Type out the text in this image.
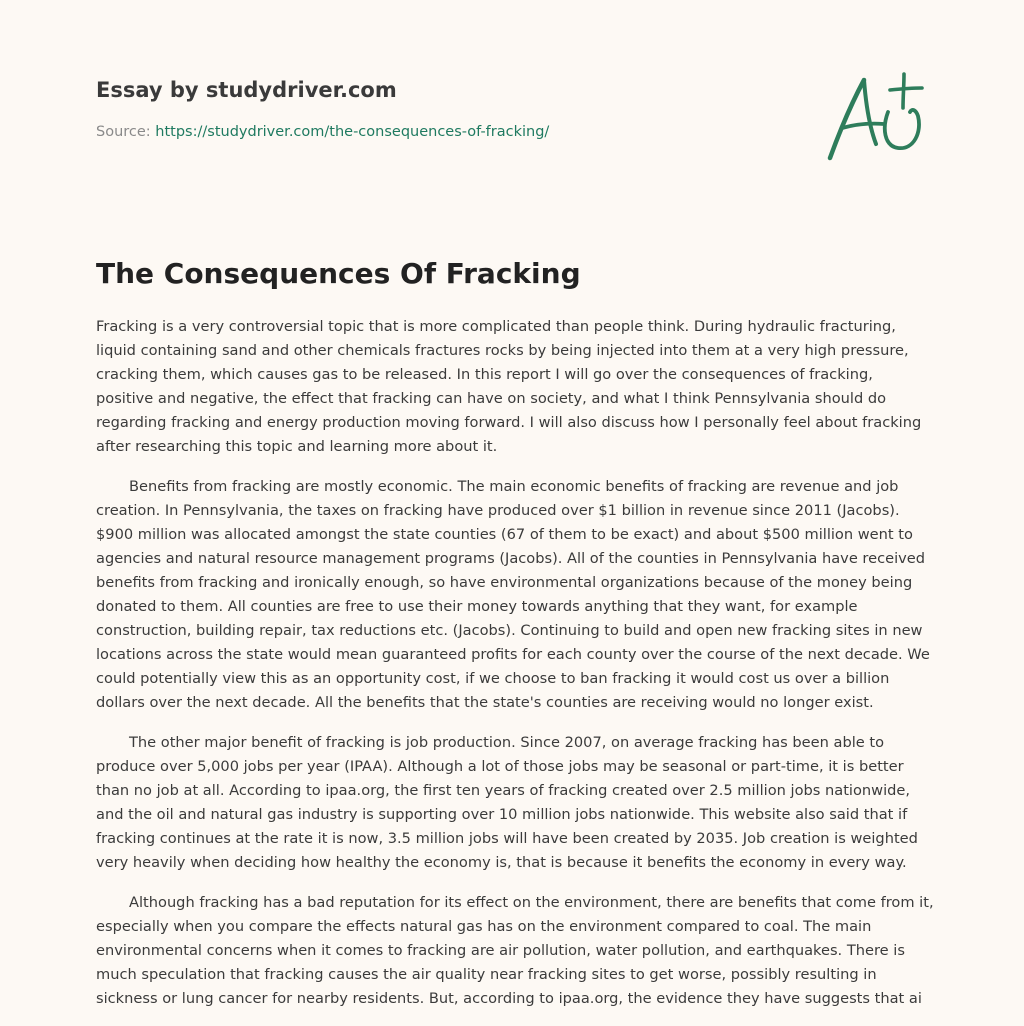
Essay by studydriver.com
Source: https://studydriver.com/the-consequences-of-fracking/
The Consequences Of Fracking

Fracking is a very controversial topic that is more complicated than people think. During hydraulic fracturing, liquid containing sand and other chemicals fractures rocks by being injected into them at a very high pressure, cracking them, which causes gas to be released. In this report I will go over the consequences of fracking, positive and negative, the effect that fracking can have on society, and what I think Pennsylvania should do regarding fracking and energy production moving forward. I will also discuss how I personally feel about fracking after researching this topic and learning more about it.

Benefits from fracking are mostly economic. The main economic benefits of fracking are revenue and job creation. In Pennsylvania, the taxes on fracking have produced over $1 billion in revenue since 2011 (Jacobs). $900 million was allocated amongst the state counties (67 of them to be exact) and about $500 million went to agencies and natural resource management programs (Jacobs). All of the counties in Pennsylvania have received benefits from fracking and ironically enough, so have environmental organizations because of the money being donated to them. All counties are free to use their money towards anything that they want, for example construction, building repair, tax reductions etc. (Jacobs). Continuing to build and open new fracking sites in new locations across the state would mean guaranteed profits for each county over the course of the next decade. We could potentially view this as an opportunity cost, if we choose to ban fracking it would cost us over a billion dollars over the next decade. All the benefits that the state's counties are receiving would no longer exist.

The other major benefit of fracking is job production. Since 2007, on average fracking has been able to produce over 5,000 jobs per year (IPAA). Although a lot of those jobs may be seasonal or part-time, it is better than no job at all. According to ipaa.org, the first ten years of fracking created over 2.5 million jobs nationwide, and the oil and natural gas industry is supporting over 10 million jobs nationwide. This website also said that if fracking continues at the rate it is now, 3.5 million jobs will have been created by 2035. Job creation is weighted very heavily when deciding how healthy the economy is, that is because it benefits the economy in every way.

Although fracking has a bad reputation for its effect on the environment, there are benefits that come from it, especially when you compare the effects natural gas has on the environment compared to coal. The main environmental concerns when it comes to fracking are air pollution, water pollution, and earthquakes. There is much speculation that fracking causes the air quality near fracking sites to get worse, possibly resulting in sickness or lung cancer for nearby residents. But, according to ipaa.org, the evidence they have suggests that ai
